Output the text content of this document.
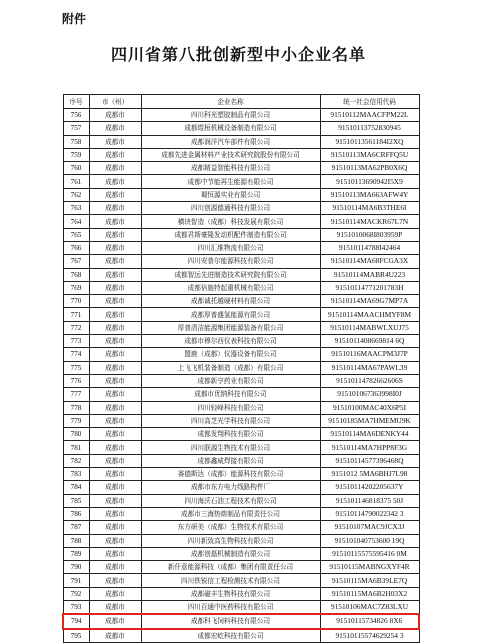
附件
四川省第八批创新型中小企业名单
序号	市（州）	企业名称	统一社会信用代码
756	成都市	四川科光塑胶制品有限公司	91510112MAACFPM22L
757	成都市	成都煜桓机械设备制造有限公司	91510113752830945
758	成都市	成都润洋汽车部件有限公司	91510113561184I2XQ
759	成都市	成都先进金属材料产业技术研究院股份有限公司	91510113MA6CRFFQ5U
760	成都市	成都精益智能科技有限公司	91510113MA62PB0X6Q
761	成都市	成都中节能再生能源有限公司	91510113690942I5X9
762	成都市	蜀恒源实业有限公司	91510113MA663AFW4Y
763	成都市	四川创源德通科技有限公司	91510114MA6B3THE6I
764	成都市	横块智造（成都）科技发展有限公司	91510114MACKR67L7N
765	成都市	成都君斯豪隆发动机配件制造有限公司	9151010068I803959P
766	成都市	四川汇维物流有限公司	91510114788I42464
767	成都市	四川安普尔能源科技有限公司	91510114MA68FCGA3X
768	成都市	成都智远先进制造技术研究院有限公司	91510114MABR4U223
769	成都市	成都倍施特起重机械有限公司	91510114771201783H
770	成都市	成都诚托越硬材料有限公司	91510114MA69G7MP7A
771	成都市	成都厚普盛氢能源有限公司	91510114MAACHMYF8M
772	成都市	厚普清洁能源集团能源装备有限公司	91510114MABWLXUJ75
773	成都市	成都市穆尔西仪表科技有限公司	9151011408669814 6Q
774	成都市	盟鹿（成都）仪器设备有限公司	91510116MAACPM3J7P
775	成都市	上飞飞机装备制造（成都）有限公司	91510114MA67PAWL39
776	成都市	成都新亨药业有限公司	91510114782662606S
777	成都市	成都市优纳科技有限公司	915101067363998I0J
778	成都市	四川轻峰科技有限公司	91510100MAC40X6P5I
779	成都市	四川高芝光学科技有限公司	91510185MA7HMEMU9K
780	成都市	成都发翔科技有限公司	91510114MA6DENKY44
781	成都市	四川朕源生物技术有限公司	91510114MA7HPP8F3G
782	成都市	成都鑫威焊接有限公司	91510114577396468Q
783	成都市	赛德斯达（成都）能源科技有限公司	9151012 5MA6BHJ7L98
784	成都市	成都市东方电力线路构件厂	91510114202205637Y
785	成都市	四川海沃石油工程技术有限公司	915101146818375 50J
786	成都市	成都市三海热熔制品有限责任公司	91510114790022342 3
787	成都市	东方研美（成都）生物技术有限公司	91510107MAC9JCX3J
788	成都市	四川新致高生物科技有限公司	915101040753600 19Q
789	成都市	成都创磊机械制造有限公司	91510115575595416 0M
790	成都市	新仟意能源科技（成都）集团有限责任公司	91510115MABNGXYF4R
791	成都市	四川铁锐信工程检测技术有限公司	91510115MA6B39LE7Q
792	成都市	成都磁丰生物科技有限公司	91510115MA6B2H03X2
793	成都市	四川百通中医药科技有限公司	91510106MAC7Z83LXU
794	成都市	成都科飞饲料科技有限公司	91510115734826 8X6
795	成都市	成都宏屹科技有限公司	91510115574629254 3
